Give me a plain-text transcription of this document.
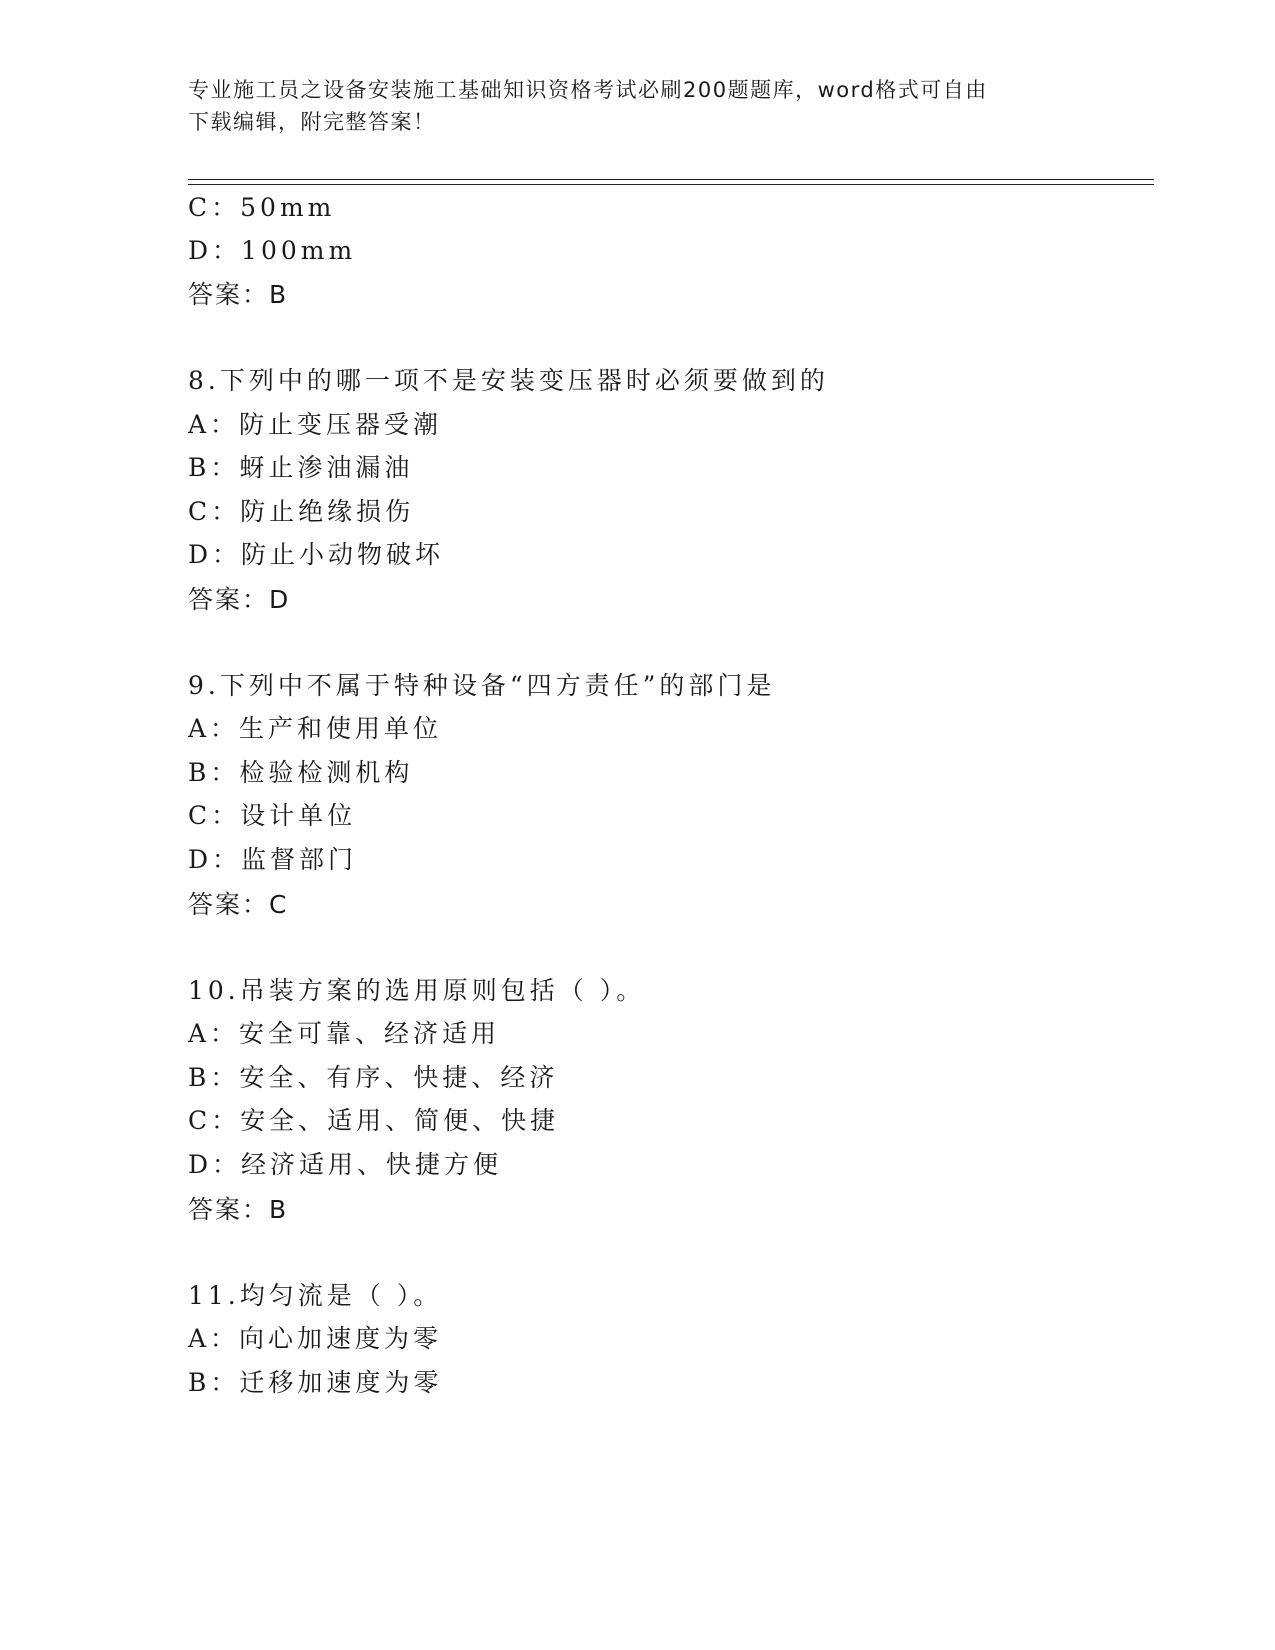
专业施工员之设备安装施工基础知识资格考试必刷200题题库，word格式可自由
下载编辑，附完整答案！
C：50mm
D：100mm
答案：B
8.下列中的哪一项不是安装变压器时必须要做到的
A：防止变压器受潮
B：蚜止渗油漏油
C：防止绝缘损伤
D：防止小动物破坏
答案：D
9.下列中不属于特种设备“四方责任”的部门是
A：生产和使用单位
B：检验检测机构
C：设计单位
D：监督部门
答案：C
10.吊装方案的选用原则包括（ ）。
A：安全可靠、经济适用
B：安全、有序、快捷、经济
C：安全、适用、简便、快捷
D：经济适用、快捷方便
答案：B
11.均匀流是（ ）。
A：向心加速度为零
B：迁移加速度为零
